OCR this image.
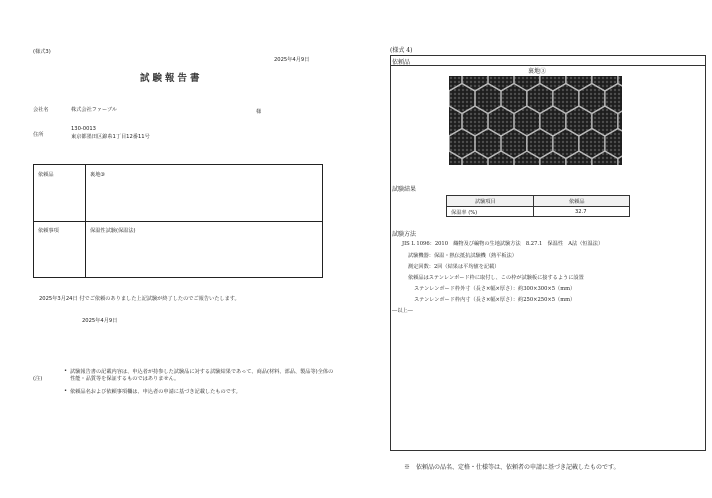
(様式3)
2025年4月9日
試験報告書
会社名	株式会社ファーブル	様
住所
130-0013
東京都墨田区錦糸1丁目12番11号
依頼品	裏地③
依頼事項	保温性試験(保温法)
2025年3月24日 付でご依頼のありました上記試験が終了したのでご報告いたします。
2025年4月9日
(注)
• 試験報告書の記載内容は、申込者が持参した試験品に対する試験結果であって、商品(材料、部品、製品等)全体の
性能・品質等を保証するものではありません。
• 依頼品名および依頼事項欄は、申込者の申請に基づき記載したものです。
(様式 4)
依頼品
裏地③
試験結果
試験項目	依頼品
保温率 (%)	32.7
試験方法
JIS L 1096：2010　織物及び編物の生地試験方法　8.27.1　保温性　A法（恒温法）
試験機器：保温・熱伝抵抗試験機（熱平板法）
測定回数：2回（結果は平均値を記載）
依頼品はステンレンボード枠に取付し、この枠が試験板に接するように設置
ステンレンボード枠外寸（長さ×幅×厚さ）：約300×300×5（mm）
ステンレンボード枠内寸（長さ×幅×厚さ）：約250×250×5（mm）
―以上―
※　依頼品の品名、定格・仕様等は、依頼者の申請に基づき記載したものです。
